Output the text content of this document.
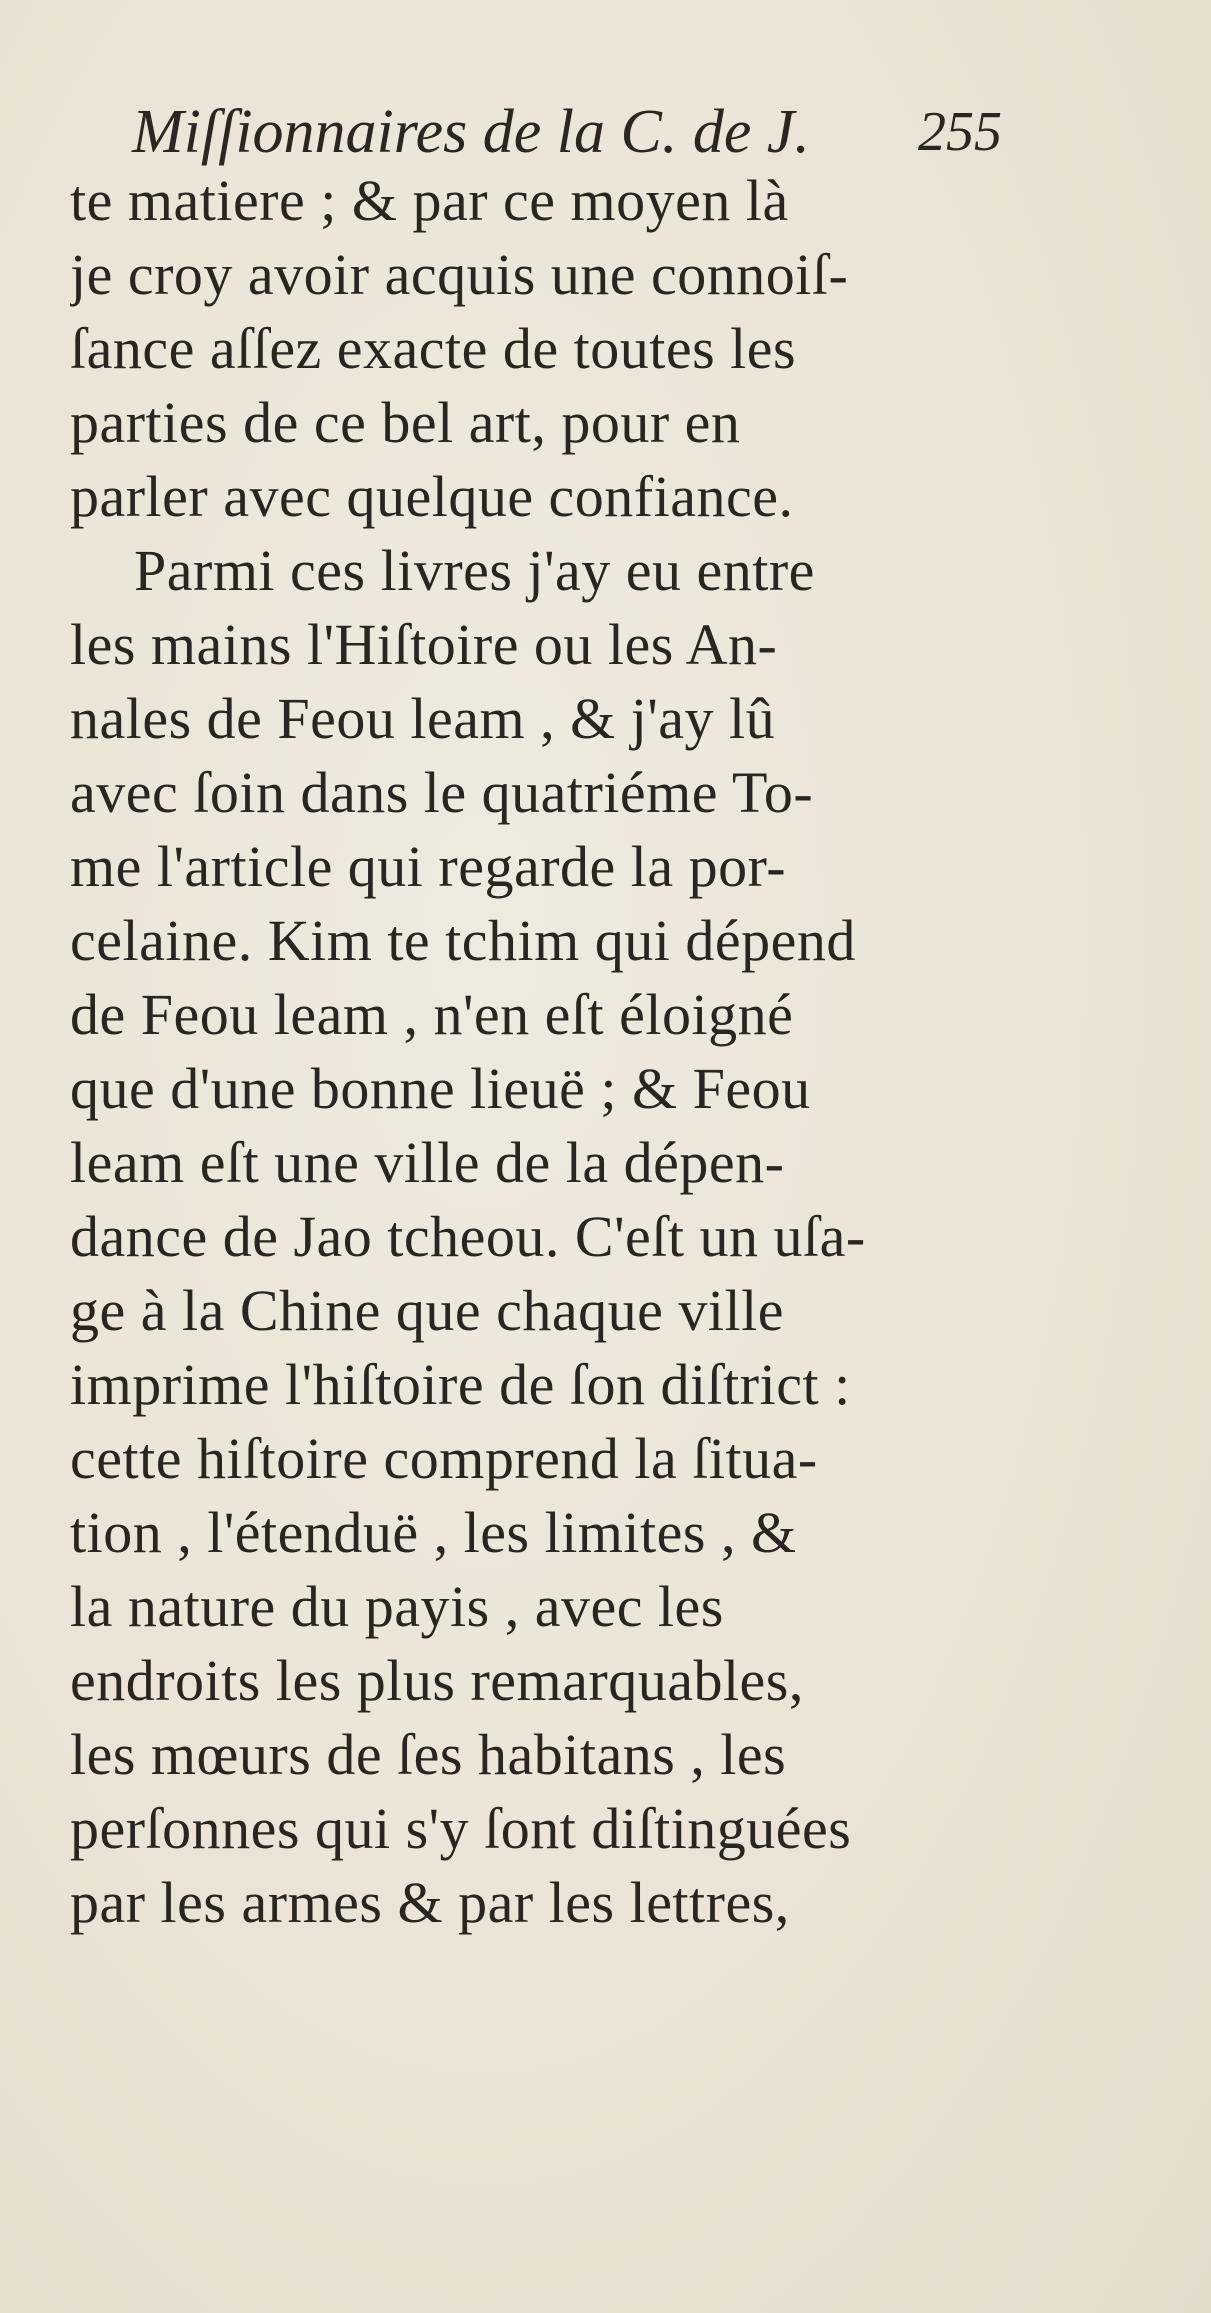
Miſſionnaires de la C. de J. 255
te matiere ; & par ce moyen là
je croy avoir acquis une connoiſ-
ſance aſſez exacte de toutes les
parties de ce bel art, pour en
parler avec quelque confiance.
Parmi ces livres j'ay eu entre
les mains l'Hiſtoire ou les An-
nales de Feou leam , & j'ay lû
avec ſoin dans le quatriéme To-
me l'article qui regarde la por-
celaine. Kim te tchim qui dépend
de Feou leam , n'en eſt éloigné
que d'une bonne lieuë ; & Feou
leam eſt une ville de la dépen-
dance de Jao tcheou. C'eſt un uſa-
ge à la Chine que chaque ville
imprime l'hiſtoire de ſon diſtrict :
cette hiſtoire comprend la ſitua-
tion , l'étenduë , les limites , &
la nature du payis , avec les
endroits les plus remarquables,
les mœurs de ſes habitans , les
perſonnes qui s'y ſont diſtinguées
par les armes & par les lettres,
